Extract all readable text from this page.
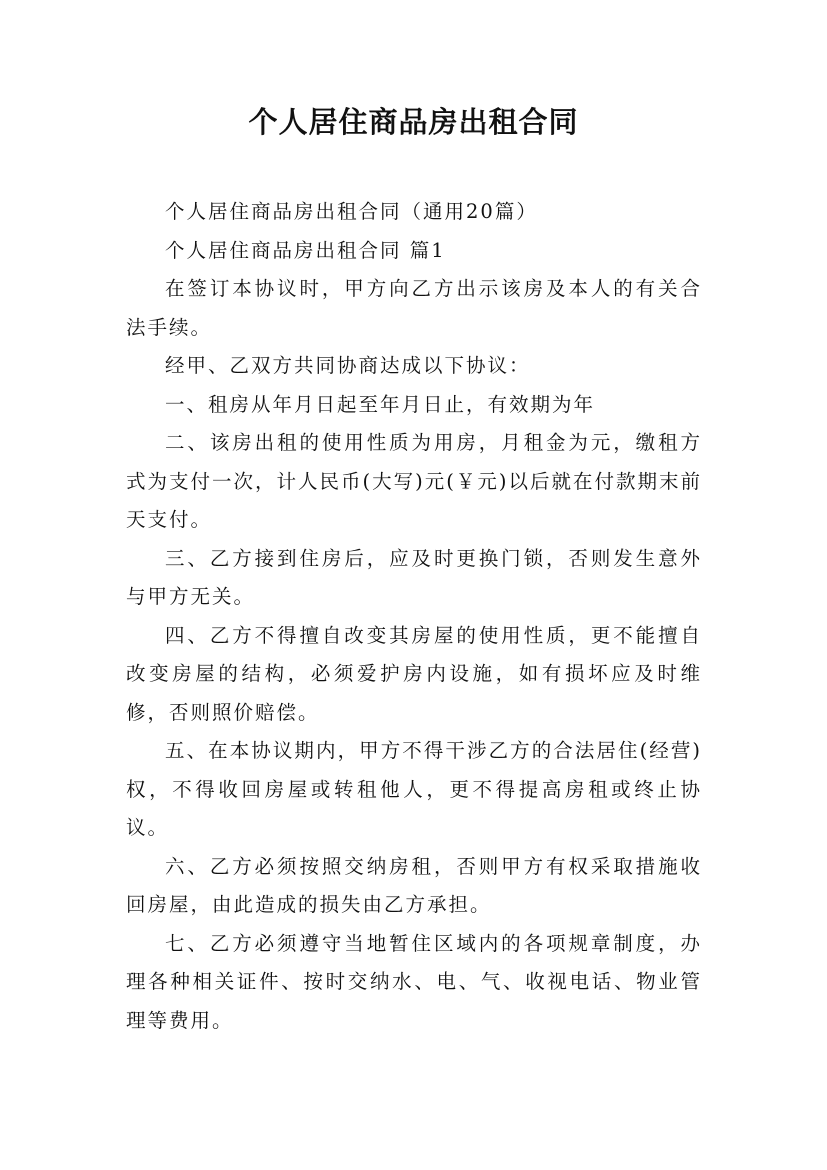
个人居住商品房出租合同

个人居住商品房出租合同（通用20篇）

个人居住商品房出租合同 篇1

在签订本协议时，甲方向乙方出示该房及本人的有关合法手续。

经甲、乙双方共同协商达成以下协议：

一、租房从年月日起至年月日止，有效期为年

二、该房出租的使用性质为用房，月租金为元，缴租方式为支付一次，计人民币(大写)元(￥元)以后就在付款期末前天支付。

三、乙方接到住房后，应及时更换门锁，否则发生意外与甲方无关。

四、乙方不得擅自改变其房屋的使用性质，更不能擅自改变房屋的结构，必须爱护房内设施，如有损坏应及时维修，否则照价赔偿。

五、在本协议期内，甲方不得干涉乙方的合法居住(经营)权，不得收回房屋或转租他人，更不得提高房租或终止协议。

六、乙方必须按照交纳房租，否则甲方有权采取措施收回房屋，由此造成的损失由乙方承担。

七、乙方必须遵守当地暂住区域内的各项规章制度，办理各种相关证件、按时交纳水、电、气、收视电话、物业管理等费用。
